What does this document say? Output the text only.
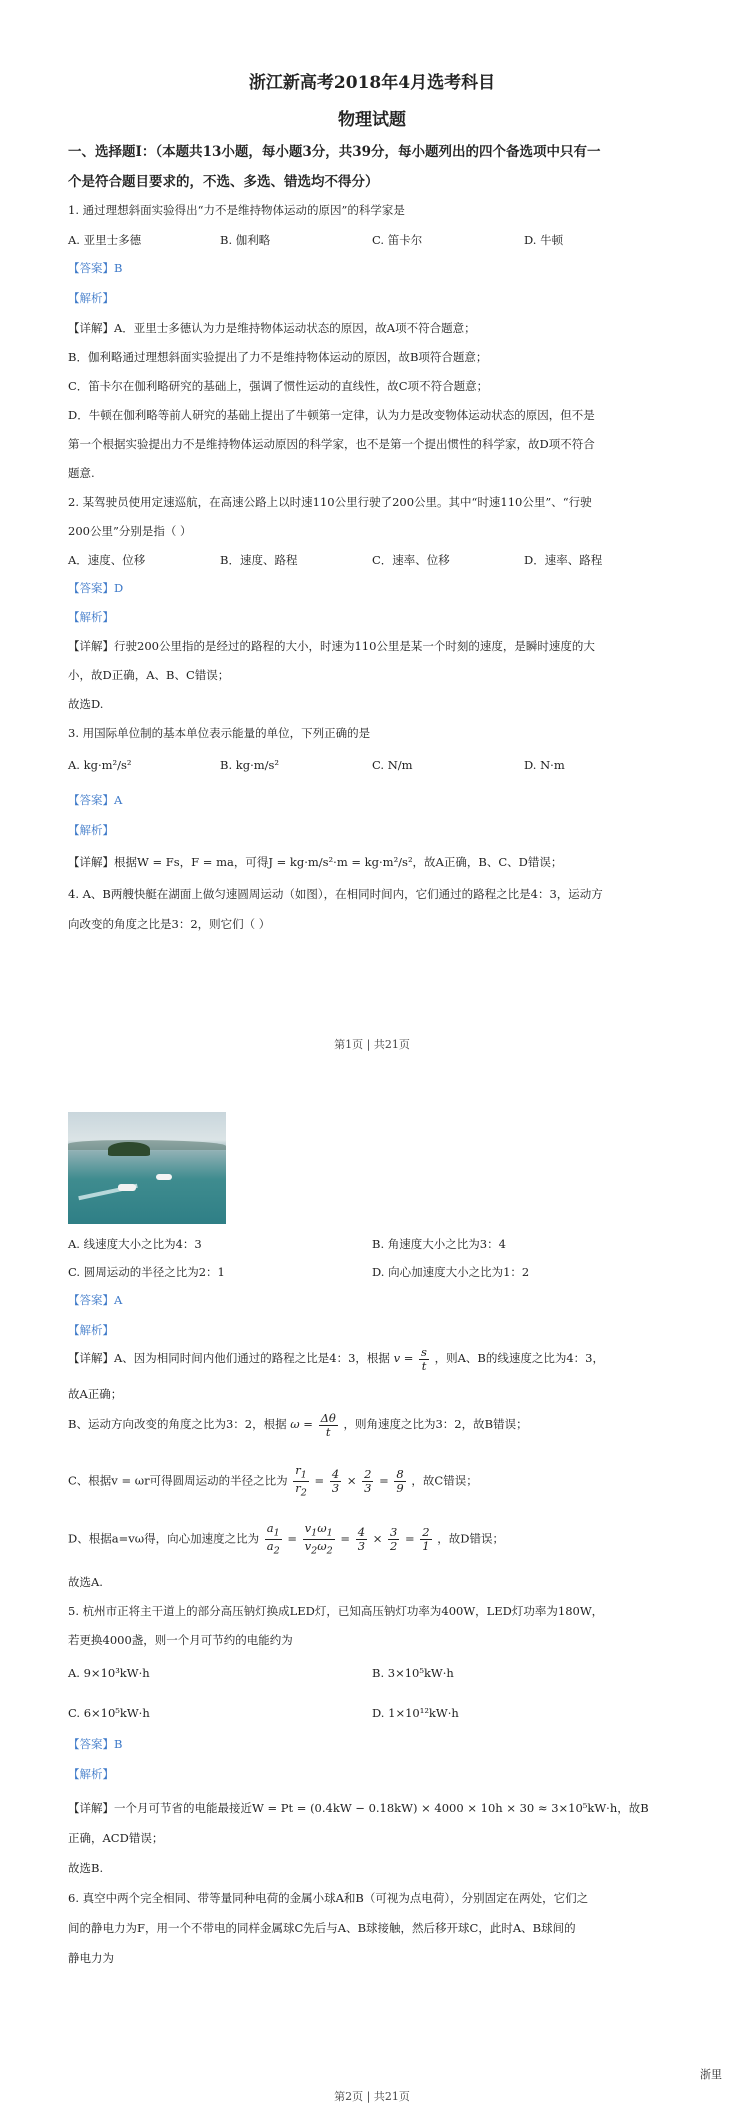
浙江新高考2018年4月选考科目
物理试题
一、选择题Ⅰ：（本题共13小题，每小题3分，共39分，每小题列出的四个备选项中只有一
个是符合题目要求的，不选、多选、错选均不得分）
1. 通过理想斜面实验得出“力不是维持物体运动的原因”的科学家是
A. 亚里士多德	B. 伽利略	C. 笛卡尔	D. 牛顿
【答案】B
【解析】
【详解】A．亚里士多德认为力是维持物体运动状态的原因，故A项不符合题意；
B．伽利略通过理想斜面实验提出了力不是维持物体运动的原因，故B项符合题意；
C．笛卡尔在伽利略研究的基础上，强调了惯性运动的直线性，故C项不符合题意；
D．牛顿在伽利略等前人研究的基础上提出了牛顿第一定律，认为力是改变物体运动状态的原因，但不是
第一个根据实验提出力不是维持物体运动原因的科学家，也不是第一个提出惯性的科学家，故D项不符合
题意.
2. 某驾驶员使用定速巡航，在高速公路上以时速110公里行驶了200公里。其中“时速110公里”、“行驶
200公里”分别是指（ ）
A．速度、位移	B．速度、路程	C．速率、位移	D．速率、路程
【答案】D
【解析】
【详解】行驶200公里指的是经过的路程的大小，时速为110公里是某一个时刻的速度，是瞬时速度的大
小，故D正确，A、B、C错误；
故选D.
3. 用国际单位制的基本单位表示能量的单位，下列正确的是
A. kg·m²/s²	B. kg·m/s²	C. N/m	D. N·m
【答案】A
【解析】
【详解】根据W = Fs，F = ma，可得J = kg·m/s²·m = kg·m²/s²，故A正确，B、C、D错误；
4. A、B两艘快艇在湖面上做匀速圆周运动（如图），在相同时间内，它们通过的路程之比是4：3，运动方
向改变的角度之比是3：2，则它们（ ）
第1页 | 共21页
A. 线速度大小之比为4：3	B. 角速度大小之比为3：4
C. 圆周运动的半径之比为2：1	D. 向心加速度大小之比为1：2
【答案】A
【解析】
【详解】A、因为相同时间内他们通过的路程之比是4：3，根据 $v = \frac{s}{t}$ ，则A、B的线速度之比为4：3，
故A正确；
B、运动方向改变的角度之比为3：2，根据 $\omega = \frac{\Delta\theta}{t}$ ，则角速度之比为3：2，故B错误；
C、根据v = ωr可得圆周运动的半径之比为 $\frac{r_1}{r_2} = \frac{4}{3} \times \frac{2}{3} = \frac{8}{9}$ ，故C错误；
D、根据a=vω得，向心加速度之比为 $\frac{a_1}{a_2} = \frac{v_1\omega_1}{v_2\omega_2} = \frac{4}{3} \times \frac{3}{2} = \frac{2}{1}$ ，故D错误；
故选A.
5. 杭州市正将主干道上的部分高压钠灯换成LED灯，已知高压钠灯功率为400W，LED灯功率为180W，
若更换4000盏，则一个月可节约的电能约为
A. 9×10³kW·h	B. 3×10⁵kW·h
C. 6×10⁵kW·h	D. 1×10¹²kW·h
【答案】B
【解析】
【详解】一个月可节省的电能最接近W = Pt = (0.4kW − 0.18kW) × 4000 × 10h × 30 ≈ 3×10⁵kW·h，故B
正确，ACD错误；
故选B.
6. 真空中两个完全相同、带等量同种电荷的金属小球A和B（可视为点电荷），分别固定在两处，它们之
间的静电力为F，用一个不带电的同样金属球C先后与A、B球接触，然后移开球C，此时A、B球间的
静电力为
浙里
第2页 | 共21页
